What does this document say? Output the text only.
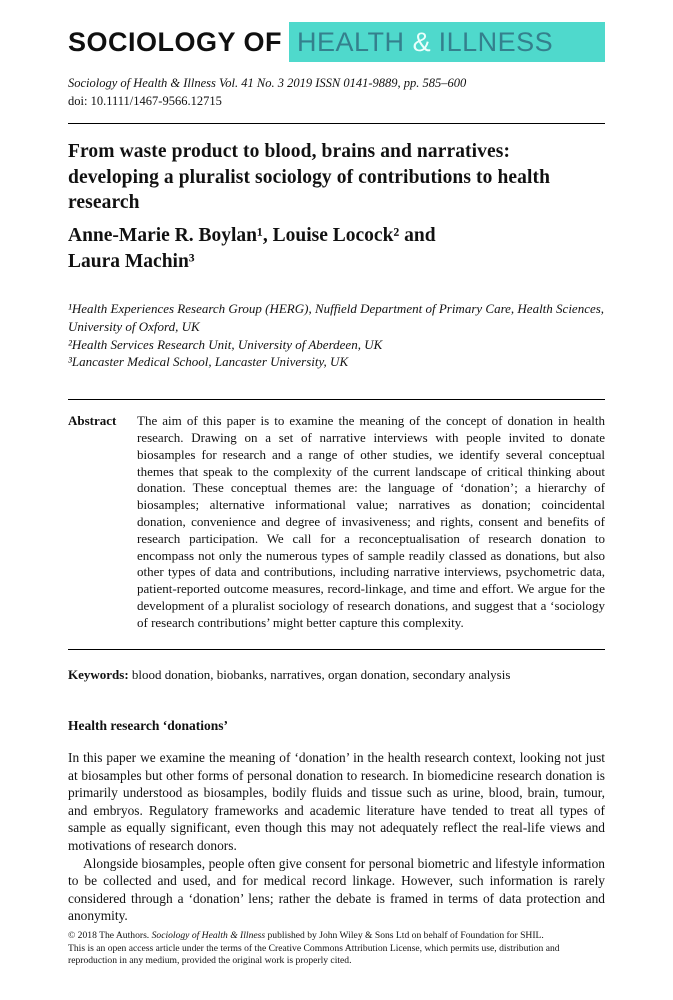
SOCIOLOGY OF HEALTH & ILLNESS
Sociology of Health & Illness Vol. 41 No. 3 2019 ISSN 0141-9889, pp. 585–600
doi: 10.1111/1467-9566.12715
From waste product to blood, brains and narratives: developing a pluralist sociology of contributions to health research
Anne-Marie R. Boylan¹, Louise Locock² and
Laura Machin³
¹Health Experiences Research Group (HERG), Nuffield Department of Primary Care, Health Sciences, University of Oxford, UK
²Health Services Research Unit, University of Aberdeen, UK
³Lancaster Medical School, Lancaster University, UK
Abstract	The aim of this paper is to examine the meaning of the concept of donation in health research. Drawing on a set of narrative interviews with people invited to donate biosamples for research and a range of other studies, we identify several conceptual themes that speak to the complexity of the current landscape of critical thinking about donation. These conceptual themes are: the language of ‘donation’; a hierarchy of biosamples; alternative informational value; narratives as donation; coincidental donation, convenience and degree of invasiveness; and rights, consent and benefits of research participation. We call for a reconceptualisation of research donation to encompass not only the numerous types of sample readily classed as donations, but also other types of data and contributions, including narrative interviews, psychometric data, patient-reported outcome measures, record-linkage, and time and effort. We argue for the development of a pluralist sociology of research donations, and suggest that a ‘sociology of research contributions’ might better capture this complexity.
Keywords: blood donation, biobanks, narratives, organ donation, secondary analysis
Health research ‘donations’

In this paper we examine the meaning of ‘donation’ in the health research context, looking not just at biosamples but other forms of personal donation to research. In biomedicine research donation is primarily understood as biosamples, bodily fluids and tissue such as urine, blood, brain, tumour, and embryos. Regulatory frameworks and academic literature have tended to treat all types of sample as equally significant, even though this may not adequately reflect the real-life views and motivations of research donors.

Alongside biosamples, people often give consent for personal biometric and lifestyle information to be collected and used, and for medical record linkage. However, such information is rarely considered through a ‘donation’ lens; rather the debate is framed in terms of data protection and anonymity.

© 2018 The Authors. Sociology of Health & Illness published by John Wiley & Sons Ltd on behalf of Foundation for SHIL.
This is an open access article under the terms of the Creative Commons Attribution License, which permits use, distribution and reproduction in any medium, provided the original work is properly cited.
